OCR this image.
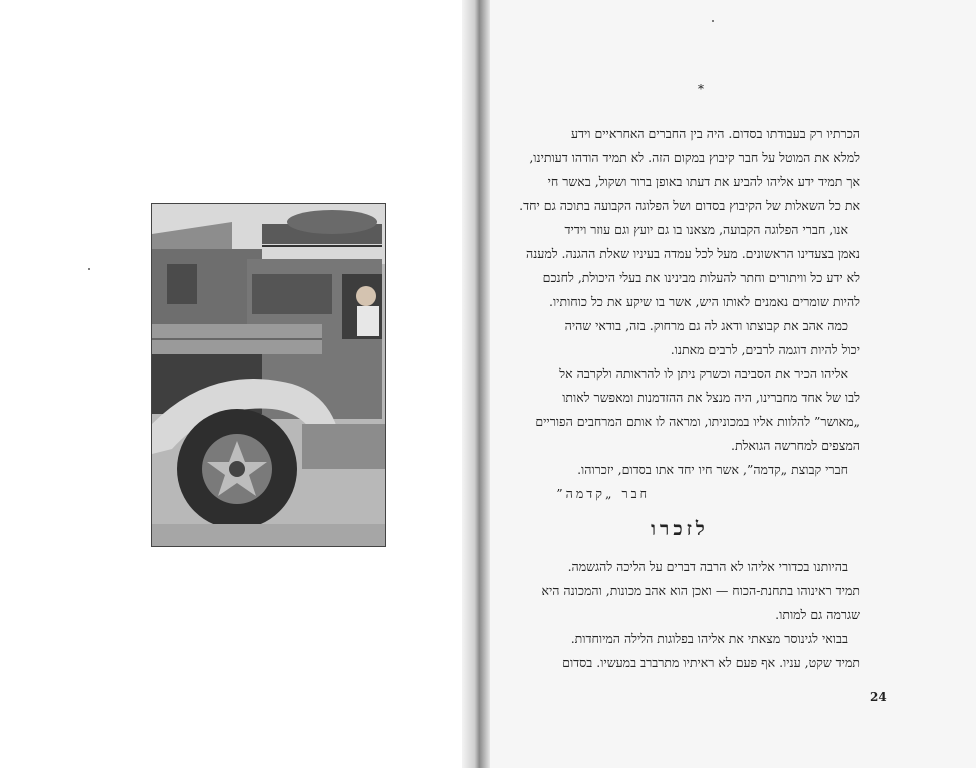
*
הכרתיו רק בעבודתו בסדום. היה בין החברים האחראיים וידע
למלא את המוטל על חבר קיבוץ במקום הזה. לא תמיד הודהו דעותינו,
אך תמיד ידע אליהו להביע את דעתו באופן ברור ושקול, באשר חי
את כל השאלות של הקיבוץ בסדום ושל הפלוגה הקבועה בתוכה גם יחד.
אנו, חברי הפלוגה הקבועה, מצאנו בו גם יועץ וגם עוזר וידיד
נאמן בצעדינו הראשונים. מעל לכל עמדה בעיניו שאלת ההגנה. למענה
לא ידע כל וויתורים וחתר להעלות מבינינו את בעלי היכולת, לחנכם
להיות שומרים נאמנים לאותו היש, אשר בו שיקע את כל כוחותיו.
כמה אהב את קבוצתו ודאג לה גם מרחוק. בזה, בודאי שהיה
יכול להיות דוגמה לרבים, לרבים מאתנו.
אליהו הכיר את הסביבה וכשרק ניתן לו להראותה ולקרבה אל
לבו של אחד מחברינו, היה מנצל את ההזדמנות ומאפשר לאותו
„מאושר” להלוות אליו במכוניתו, ומראה לו אותם המרחבים הפוריים
המצפים למחרשה הגואלת.
חברי קבוצת „קדמה”, אשר חיו יחד אתו בסדום, יזכרוהו.
חבר „קדמה”
לזכרו
בהיותנו בכדורי אליהו לא הרבה דברים על הליכה להגשמה.
תמיד ראינוהו בתחנת-הכוח — ואכן הוא אהב מכונות, והמכונה היא
שגרמה גם למותו.
בבואי לגינוסר מצאתי את אליהו בפלוגות הלילה המיוחדות.
תמיד שקט, עניו. אף פעם לא ראיתיו מתרברב במעשיו. בסדום
24
